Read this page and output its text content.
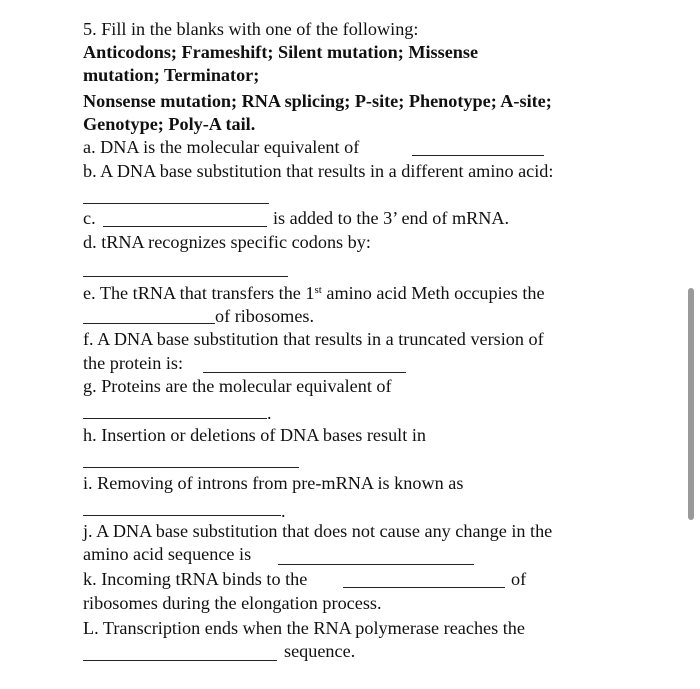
5. Fill in the blanks with one of the following:

Anticodons; Frameshift; Silent mutation; Missense

mutation; Terminator;

Nonsense mutation; RNA splicing; P-site; Phenotype; A-site;

Genotype; Poly-A tail.

a. DNA is the molecular equivalent of

b. A DNA base substitution that results in a different amino acid:

c.	is added to the 3’ end of mRNA.

d. tRNA recognizes specific codons by:

e. The tRNA that transfers the 1st amino acid Meth occupies the

of ribosomes.

f. A DNA base substitution that results in a truncated version of

the protein is:

g. Proteins are the molecular equivalent of

.

h. Insertion or deletions of DNA bases result in

i. Removing of introns from pre-mRNA is known as

.

j. A DNA base substitution that does not cause any change in the

amino acid sequence is

k. Incoming tRNA binds to the	of

ribosomes during the elongation process.

L. Transcription ends when the RNA polymerase reaches the

sequence.
